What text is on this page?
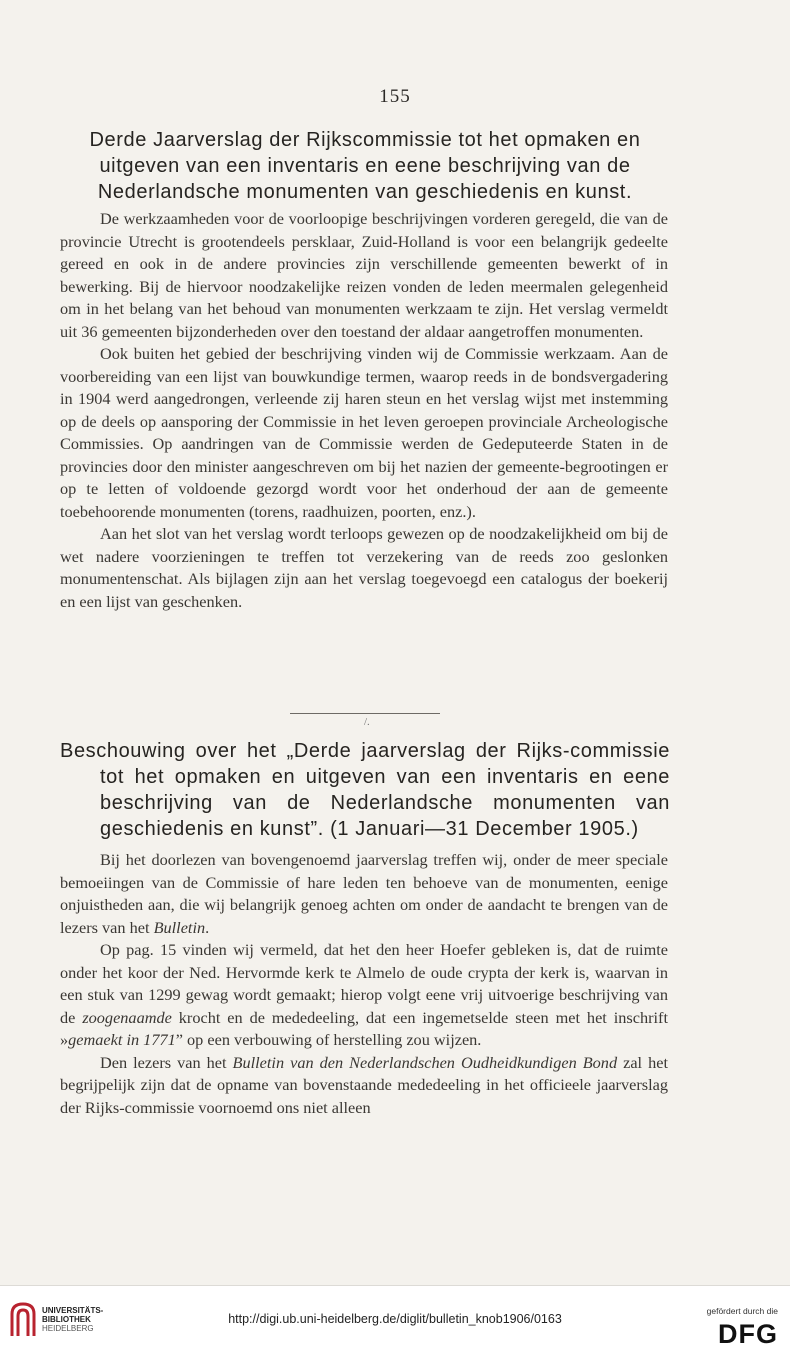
155
Derde Jaarverslag der Rijkscommissie tot het opmaken en
uitgeven van een inventaris en eene beschrijving van de
Nederlandsche monumenten van geschiedenis en kunst.

De werkzaamheden voor de voorloopige beschrijvingen vorderen geregeld, die van de provincie Utrecht is grootendeels persklaar, Zuid-Holland is voor een belangrijk gedeelte gereed en ook in de andere provincies zijn verschillende gemeenten bewerkt of in bewerking. Bij de hiervoor noodzakelijke reizen vonden de leden meermalen gelegenheid om in het belang van het behoud van monumenten werkzaam te zijn. Het verslag vermeldt uit 36 gemeenten bijzonderheden over den toestand der aldaar aangetroffen monumenten.

Ook buiten het gebied der beschrijving vinden wij de Commissie werkzaam. Aan de voorbereiding van een lijst van bouwkundige termen, waarop reeds in de bondsvergadering in 1904 werd aangedrongen, verleende zij haren steun en het verslag wijst met instemming op de deels op aansporing der Commissie in het leven geroepen provinciale Archeologische Commissies. Op aandringen van de Commissie werden de Gedeputeerde Staten in de provincies door den minister aangeschreven om bij het nazien der gemeente-begrootingen er op te letten of voldoende gezorgd wordt voor het onderhoud der aan de gemeente toebehoorende monumenten (torens, raadhuizen, poorten, enz.).

Aan het slot van het verslag wordt terloops gewezen op de noodzakelijkheid om bij de wet nadere voorzieningen te treffen tot verzekering van de reeds zoo geslonken monumentenschat. Als bijlagen zijn aan het verslag toegevoegd een catalogus der boekerij en een lijst van geschenken.

/.
Beschouwing over het „Derde jaarverslag der Rijks-commissie
tot het opmaken en uitgeven van een inventaris en eene
beschrijving van de Nederlandsche monumenten van
geschiedenis en kunst”. (1 Januari—31 December 1905.)

Bij het doorlezen van bovengenoemd jaarverslag treffen wij, onder de meer speciale bemoeiingen van de Commissie of hare leden ten behoeve van de monumenten, eenige onjuistheden aan, die wij belangrijk genoeg achten om onder de aandacht te brengen van de lezers van het Bulletin.

Op pag. 15 vinden wij vermeld, dat het den heer Hoefer gebleken is, dat de ruimte onder het koor der Ned. Hervormde kerk te Almelo de oude crypta der kerk is, waarvan in een stuk van 1299 gewag wordt gemaakt; hierop volgt eene vrij uitvoerige beschrijving van de zoogenaamde krocht en de mededeeling, dat een ingemetselde steen met het inschrift »gemaekt in 1771” op een verbouwing of herstelling zou wijzen.

Den lezers van het Bulletin van den Nederlandschen Oudheidkundigen Bond zal het begrijpelijk zijn dat de opname van bovenstaande mededeeling in het officieele jaarverslag der Rijks-commissie voornoemd ons niet alleen

UNIVERSITÄTS-
BIBLIOTHEK
HEIDELBERG
http://digi.ub.uni-heidelberg.de/diglit/bulletin_knob1906/0163
gefördert durch die
DFG
